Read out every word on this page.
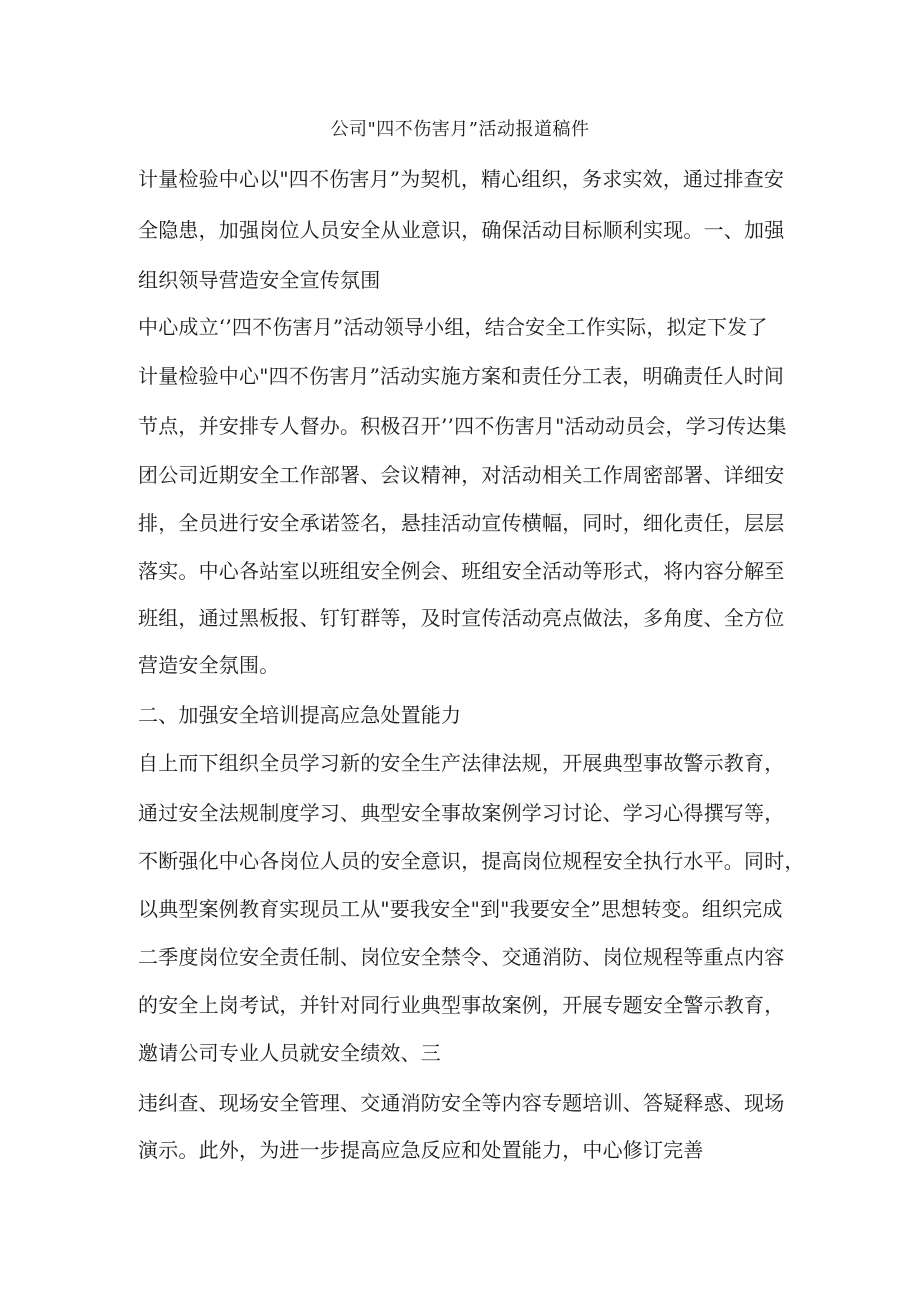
公司"四不伤害月”活动报道稿件
计量检验中心以"四不伤害月”为契机，精心组织，务求实效，通过排查安
全隐患，加强岗位人员安全从业意识，确保活动目标顺利实现。一、加强
组织领导营造安全宣传氛围
中心成立‘’四不伤害月”活动领导小组，结合安全工作实际，拟定下发了
计量检验中心"四不伤害月”活动实施方案和责任分工表，明确责任人时间
节点，并安排专人督办。积极召开’’四不伤害月"活动动员会，学习传达集
团公司近期安全工作部署、会议精神，对活动相关工作周密部署、详细安
排，全员进行安全承诺签名，悬挂活动宣传横幅，同时，细化责任，层层
落实。中心各站室以班组安全例会、班组安全活动等形式，将内容分解至
班组，通过黑板报、钉钉群等，及时宣传活动亮点做法，多角度、全方位
营造安全氛围。
二、加强安全培训提高应急处置能力
自上而下组织全员学习新的安全生产法律法规，开展典型事故警示教育，
通过安全法规制度学习、典型安全事故案例学习讨论、学习心得撰写等，
不断强化中心各岗位人员的安全意识，提高岗位规程安全执行水平。同时，
以典型案例教育实现员工从"要我安全"到"我要安全”思想转变。组织完成
二季度岗位安全责任制、岗位安全禁令、交通消防、岗位规程等重点内容
的安全上岗考试，并针对同行业典型事故案例，开展专题安全警示教育，
邀请公司专业人员就安全绩效、三
违纠查、现场安全管理、交通消防安全等内容专题培训、答疑释惑、现场
演示。此外，为进一步提高应急反应和处置能力，中心修订完善
